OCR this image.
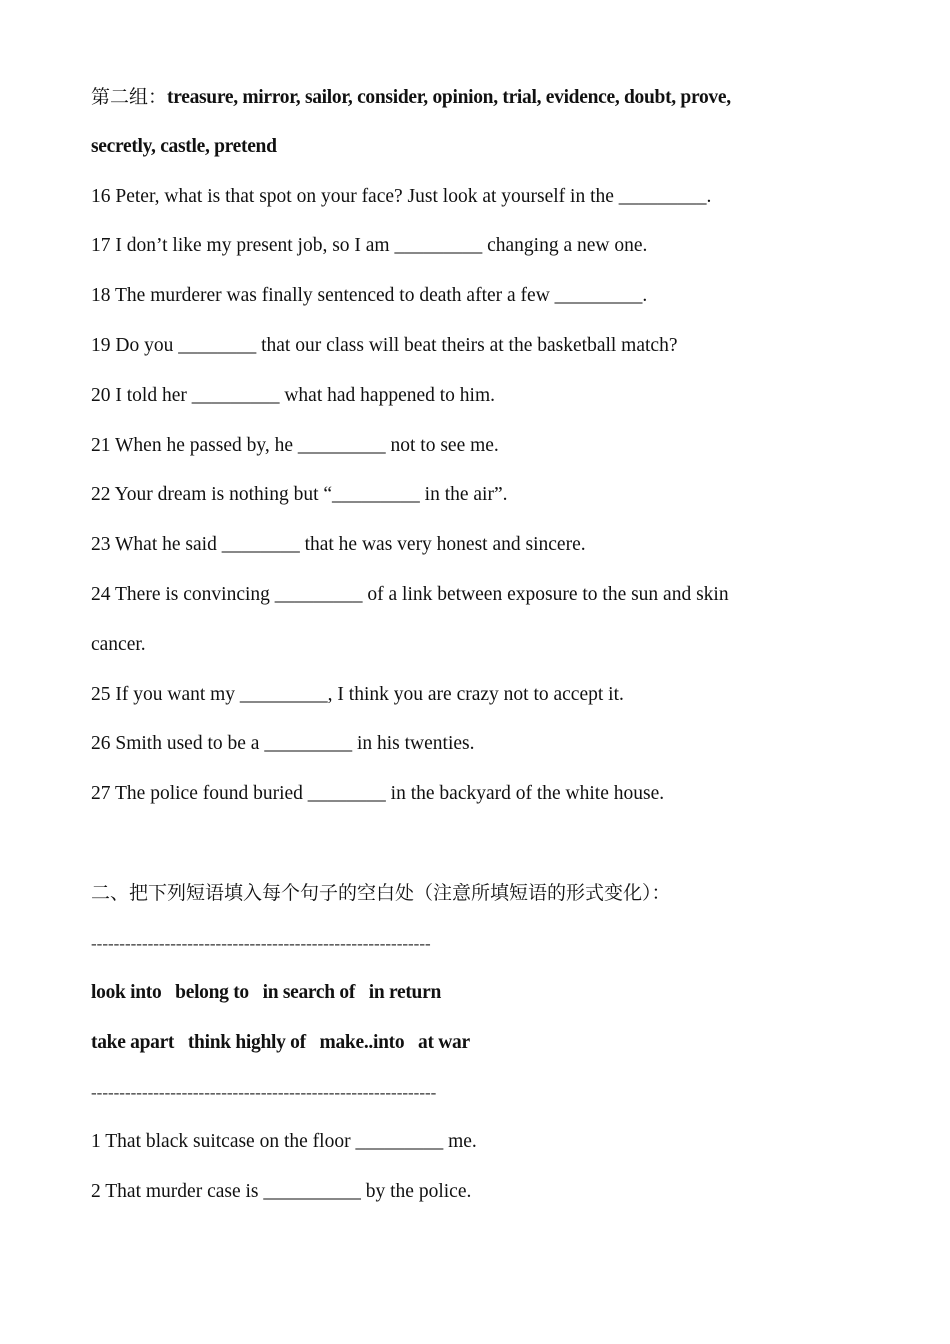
第二组：treasure, mirror, sailor, consider, opinion, trial, evidence, doubt, prove,
secretly, castle, pretend
16 Peter, what is that spot on your face? Just look at yourself in the _________.
17 I don’t like my present job, so I am _________ changing a new one.
18 The murderer was finally sentenced to death after a few _________.
19 Do you ________ that our class will beat theirs at the basketball match?
20 I told her _________ what had happened to him.
21 When he passed by, he _________ not to see me.
22 Your dream is nothing but “_________ in the air”.
23 What he said ________ that he was very honest and sincere.
24 There is convincing _________ of a link between exposure to the sun and skin
cancer.
25 If you want my _________, I think you are crazy not to accept it.
26 Smith used to be a _________ in his twenties.
27 The police found buried ________ in the backyard of the white house.
二、把下列短语填入每个句子的空白处（注意所填短语的形式变化）：
------------------------------------------------------------
look into   belong to   in search of   in return
take apart   think highly of   make..into   at war
-------------------------------------------------------------
1 That black suitcase on the floor _________ me.
2 That murder case is __________ by the police.
